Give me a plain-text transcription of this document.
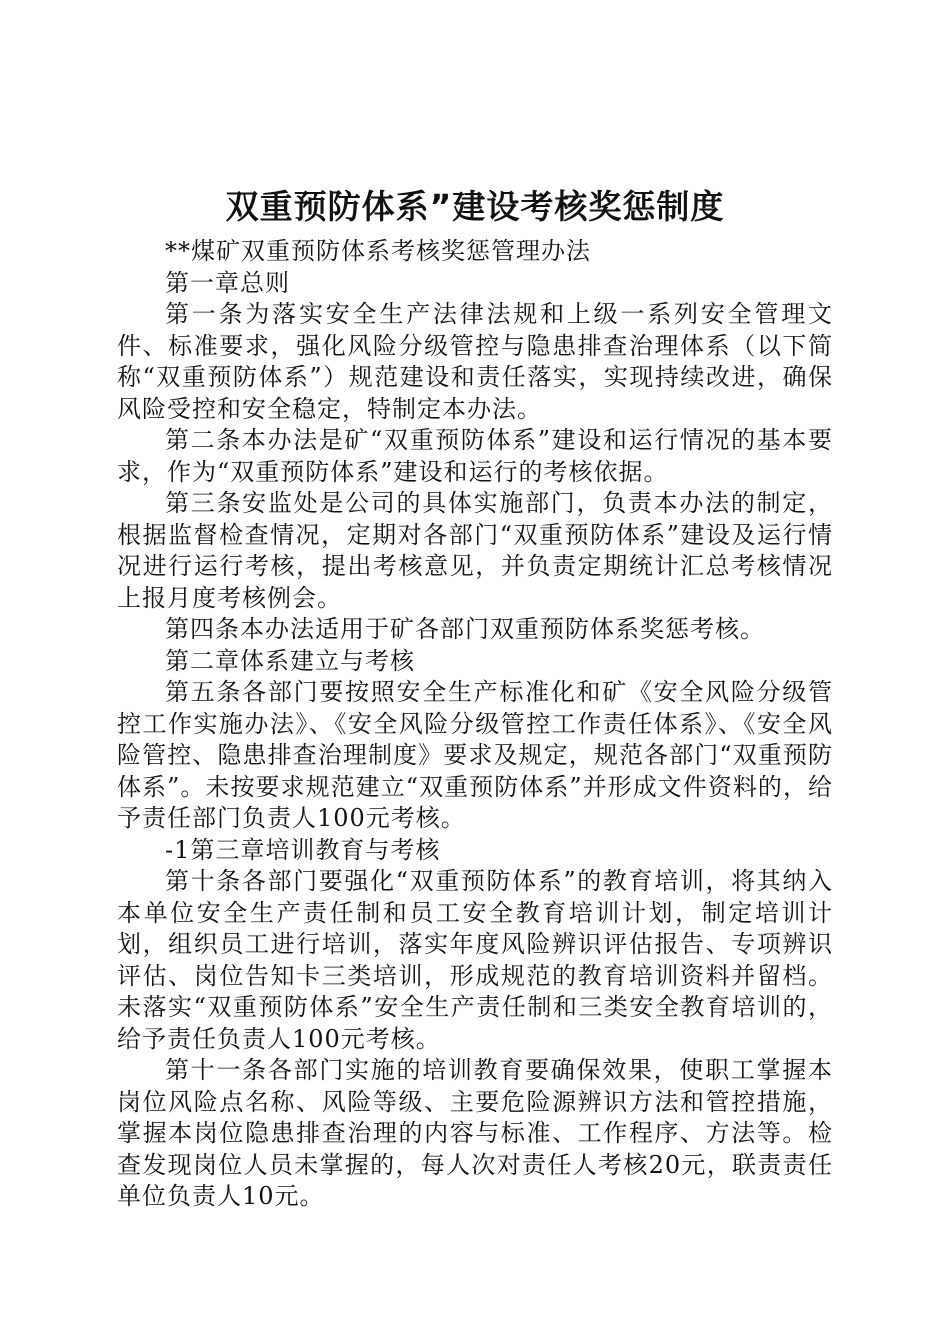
双重预防体系”建设考核奖惩制度

**煤矿双重预防体系考核奖惩管理办法

第一章总则

第一条为落实安全生产法律法规和上级一系列安全管理文件、标准要求，强化风险分级管控与隐患排查治理体系（以下简称“双重预防体系”）规范建设和责任落实，实现持续改进，确保风险受控和安全稳定，特制定本办法。

第二条本办法是矿“双重预防体系”建设和运行情况的基本要求，作为“双重预防体系”建设和运行的考核依据。

第三条安监处是公司的具体实施部门，负责本办法的制定，根据监督检查情况，定期对各部门“双重预防体系”建设及运行情况进行运行考核，提出考核意见，并负责定期统计汇总考核情况上报月度考核例会。

第四条本办法适用于矿各部门双重预防体系奖惩考核。

第二章体系建立与考核

第五条各部门要按照安全生产标准化和矿《安全风险分级管控工作实施办法》、《安全风险分级管控工作责任体系》、《安全风险管控、隐患排查治理制度》要求及规定，规范各部门“双重预防体系”。未按要求规范建立“双重预防体系”并形成文件资料的，给予责任部门负责人100元考核。

-1第三章培训教育与考核

第十条各部门要强化“双重预防体系”的教育培训，将其纳入本单位安全生产责任制和员工安全教育培训计划，制定培训计划，组织员工进行培训，落实年度风险辨识评估报告、专项辨识评估、岗位告知卡三类培训，形成规范的教育培训资料并留档。未落实“双重预防体系”安全生产责任制和三类安全教育培训的，给予责任负责人100元考核。

第十一条各部门实施的培训教育要确保效果，使职工掌握本岗位风险点名称、风险等级、主要危险源辨识方法和管控措施，掌握本岗位隐患排查治理的内容与标准、工作程序、方法等。检查发现岗位人员未掌握的，每人次对责任人考核20元，联责责任单位负责人10元。
